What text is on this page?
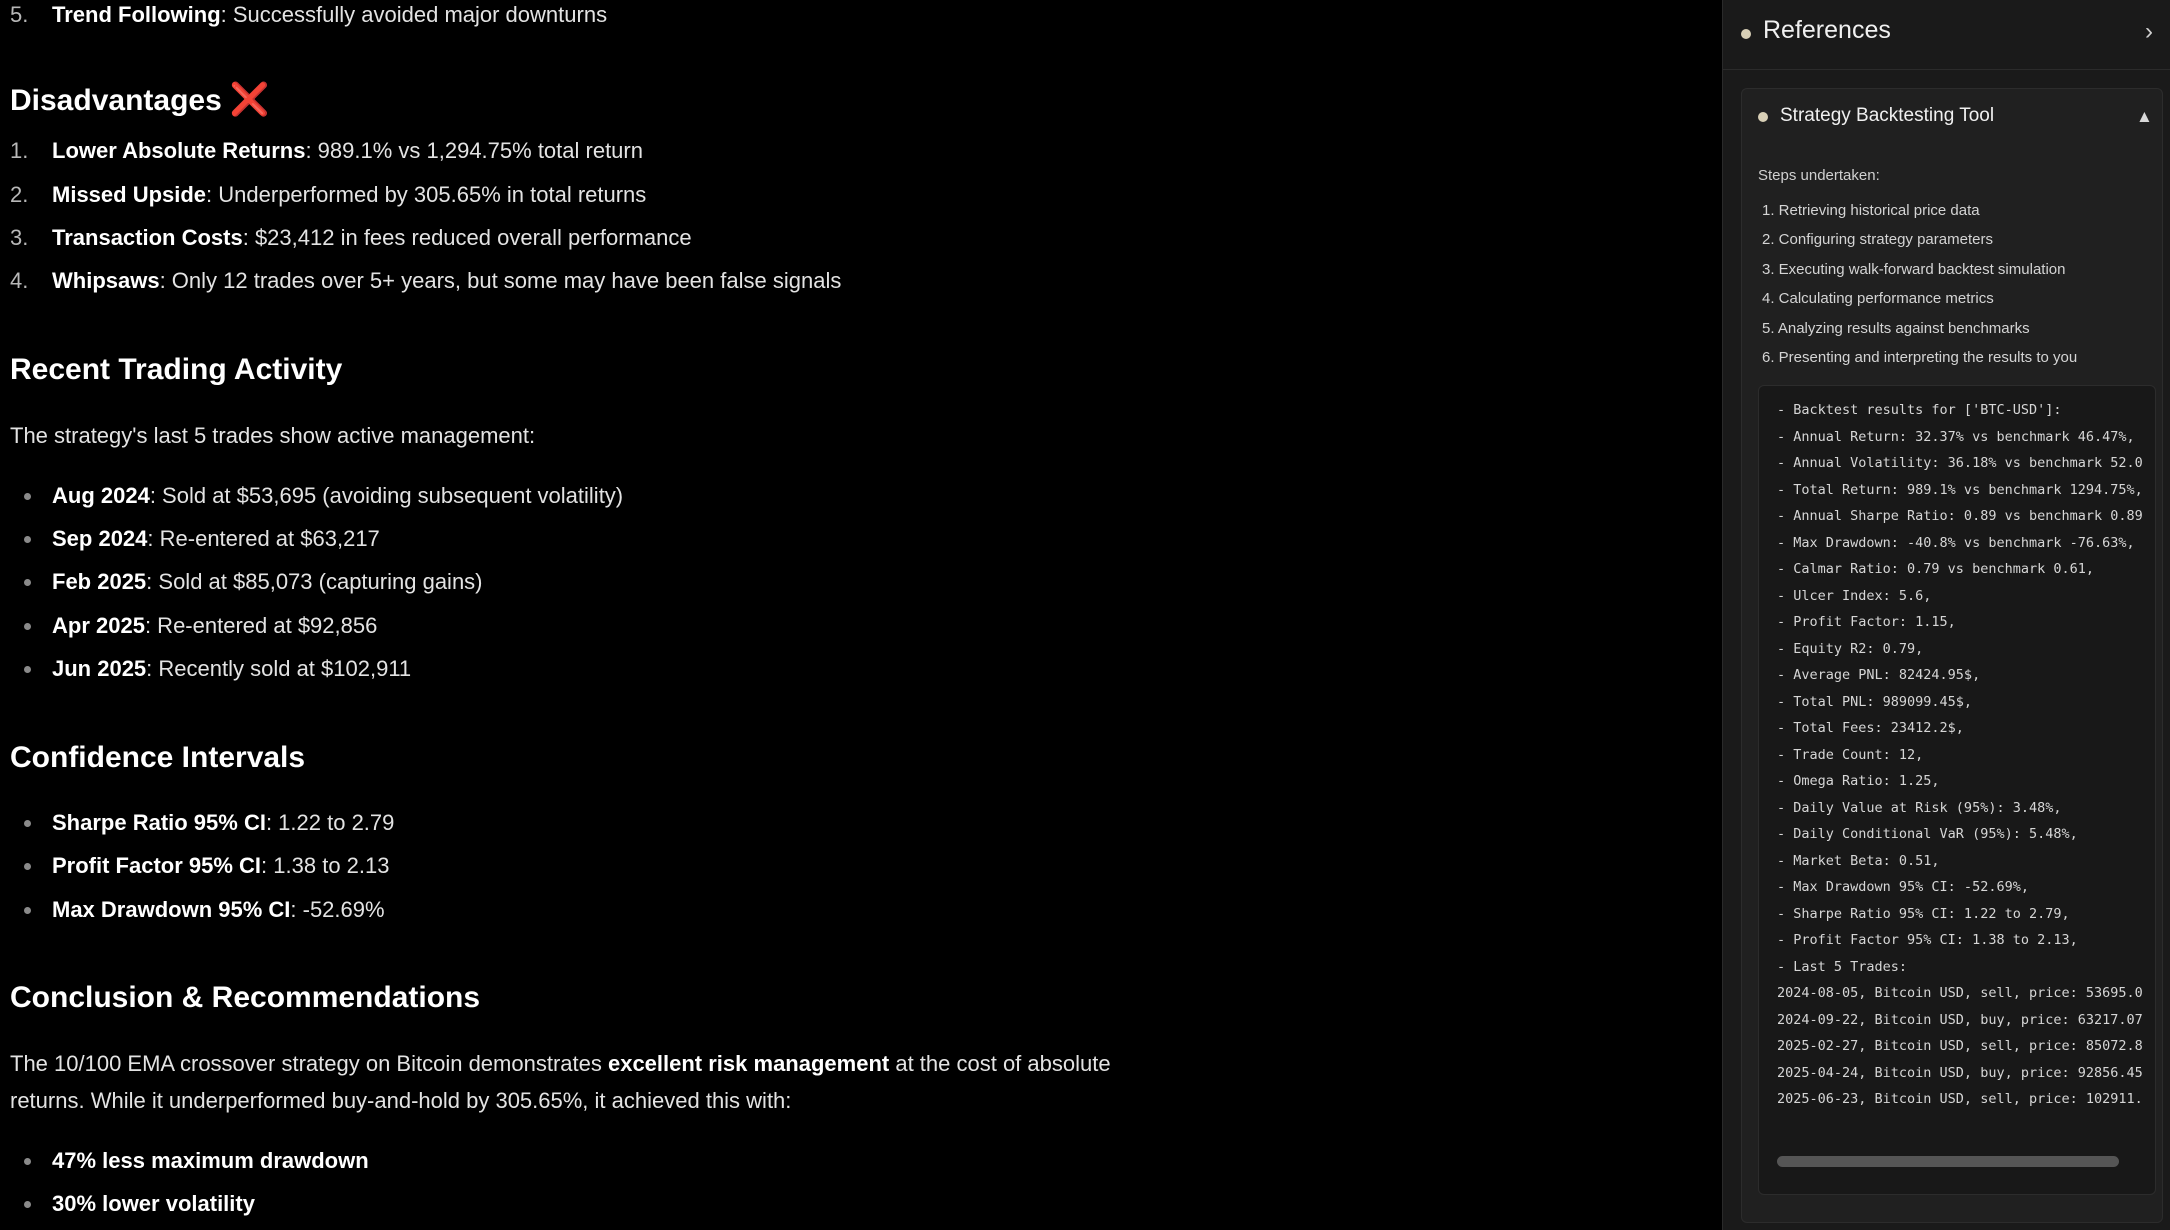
5. Trend Following: Successfully avoided major downturns
Disadvantages ❌
1. Lower Absolute Returns: 989.1% vs 1,294.75% total return
2. Missed Upside: Underperformed by 305.65% in total returns
3. Transaction Costs: $23,412 in fees reduced overall performance
4. Whipsaws: Only 12 trades over 5+ years, but some may have been false signals
Recent Trading Activity
The strategy's last 5 trades show active management:
Aug 2024: Sold at $53,695 (avoiding subsequent volatility)
Sep 2024: Re-entered at $63,217
Feb 2025: Sold at $85,073 (capturing gains)
Apr 2025: Re-entered at $92,856
Jun 2025: Recently sold at $102,911
Confidence Intervals
Sharpe Ratio 95% CI: 1.22 to 2.79
Profit Factor 95% CI: 1.38 to 2.13
Max Drawdown 95% CI: -52.69%
Conclusion & Recommendations
The 10/100 EMA crossover strategy on Bitcoin demonstrates excellent risk management at the cost of absolute
returns. While it underperformed buy-and-hold by 305.65%, it achieved this with:
47% less maximum drawdown
30% lower volatility
References	›
Strategy Backtesting Tool	▲
Steps undertaken:
1. Retrieving historical price data
2. Configuring strategy parameters
3. Executing walk-forward backtest simulation
4. Calculating performance metrics
5. Analyzing results against benchmarks
6. Presenting and interpreting the results to you
- Backtest results for ['BTC-USD']:
- Annual Return: 32.37% vs benchmark 46.47%,
- Annual Volatility: 36.18% vs benchmark 52.0
- Total Return: 989.1% vs benchmark 1294.75%,
- Annual Sharpe Ratio: 0.89 vs benchmark 0.89
- Max Drawdown: -40.8% vs benchmark -76.63%,
- Calmar Ratio: 0.79 vs benchmark 0.61,
- Ulcer Index: 5.6,
- Profit Factor: 1.15,
- Equity R2: 0.79,
- Average PNL: 82424.95$,
- Total PNL: 989099.45$,
- Total Fees: 23412.2$,
- Trade Count: 12,
- Omega Ratio: 1.25,
- Daily Value at Risk (95%): 3.48%,
- Daily Conditional VaR (95%): 5.48%,
- Market Beta: 0.51,
- Max Drawdown 95% CI: -52.69%,
- Sharpe Ratio 95% CI: 1.22 to 2.79,
- Profit Factor 95% CI: 1.38 to 2.13,
- Last 5 Trades:
2024-08-05, Bitcoin USD, sell, price: 53695.0
2024-09-22, Bitcoin USD, buy, price: 63217.07
2025-02-27, Bitcoin USD, sell, price: 85072.8
2025-04-24, Bitcoin USD, buy, price: 92856.45
2025-06-23, Bitcoin USD, sell, price: 102911.
